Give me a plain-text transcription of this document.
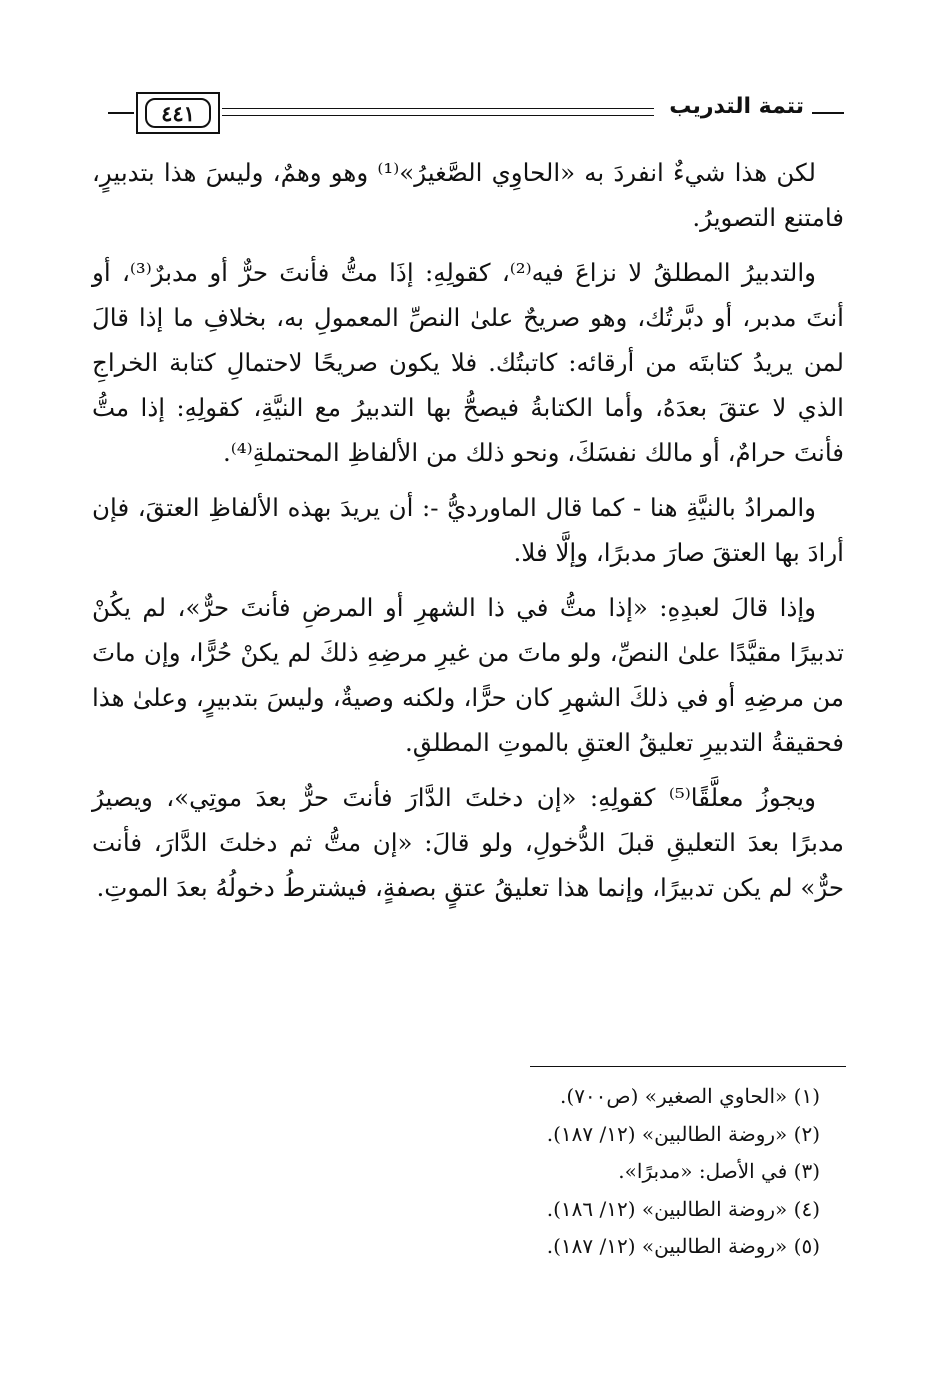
٤٤١	تتمة التدريب

لكن هذا شيءٌ انفردَ به «الحاوِي الصَّغيرُ»⁽¹⁾ وهو وهمٌ، وليسَ هذا بتدبيرٍ، فامتنع التصويرُ.

والتدبيرُ المطلقُ لا نزاعَ فيه⁽²⁾، كقولِهِ: إذَا متُّ فأنتَ حرٌّ أو مدبرٌ⁽³⁾، أو أنتَ مدبر، أو دبَّرتُك، وهو صريحٌ علىٰ النصِّ المعمولِ به، بخلافِ ما إذا قالَ لمن يريدُ كتابتَه من أرقائه: كاتبتُك. فلا يكون صريحًا لاحتمالِ كتابة الخراجِ الذي لا عتقَ بعدَهُ، وأما الكتابةُ فيصحُّ بها التدبيرُ مع النيَّةِ، كقولِهِ: إذا متُّ فأنتَ حرامٌ، أو مالك نفسَكَ، ونحو ذلك من الألفاظِ المحتملةِ⁽⁴⁾.

والمرادُ بالنيَّةِ هنا - كما قال الماورديُّ -: أن يريدَ بهذه الألفاظِ العتقَ، فإن أرادَ بها العتقَ صارَ مدبرًا، وإلَّا فلا.

وإذا قالَ لعبدِهِ: «إذا متُّ في ذا الشهرِ أو المرضِ فأنتَ حرٌّ»، لم يكُنْ تدبيرًا مقيَّدًا علىٰ النصِّ، ولو ماتَ من غيرِ مرضِهِ ذلكَ لم يكنْ حُرًّا، وإن ماتَ من مرضِهِ أو في ذلكَ الشهرِ كان حرًّا، ولكنه وصيةٌ، وليسَ بتدبيرٍ، وعلىٰ هذا فحقيقةُ التدبيرِ تعليقُ العتقِ بالموتِ المطلقِ.

ويجوزُ معلَّقًا⁽⁵⁾ كقولِهِ: «إن دخلتَ الدَّارَ فأنتَ حرٌّ بعدَ موتِي»، ويصيرُ مدبرًا بعدَ التعليقِ قبلَ الدُّخولِ، ولو قالَ: «إن متُّ ثم دخلتَ الدَّارَ، فأنت حرٌّ» لم يكن تدبيرًا، وإنما هذا تعليقُ عتقٍ بصفةٍ، فيشترطُ دخولُهُ بعدَ الموتِ.

(١) «الحاوي الصغير» (ص٧٠٠).
(٢) «روضة الطالبين» (١٢/ ١٨٧).
(٣) في الأصل: «مدبرًا».
(٤) «روضة الطالبين» (١٢/ ١٨٦).
(٥) «روضة الطالبين» (١٢/ ١٨٧).
